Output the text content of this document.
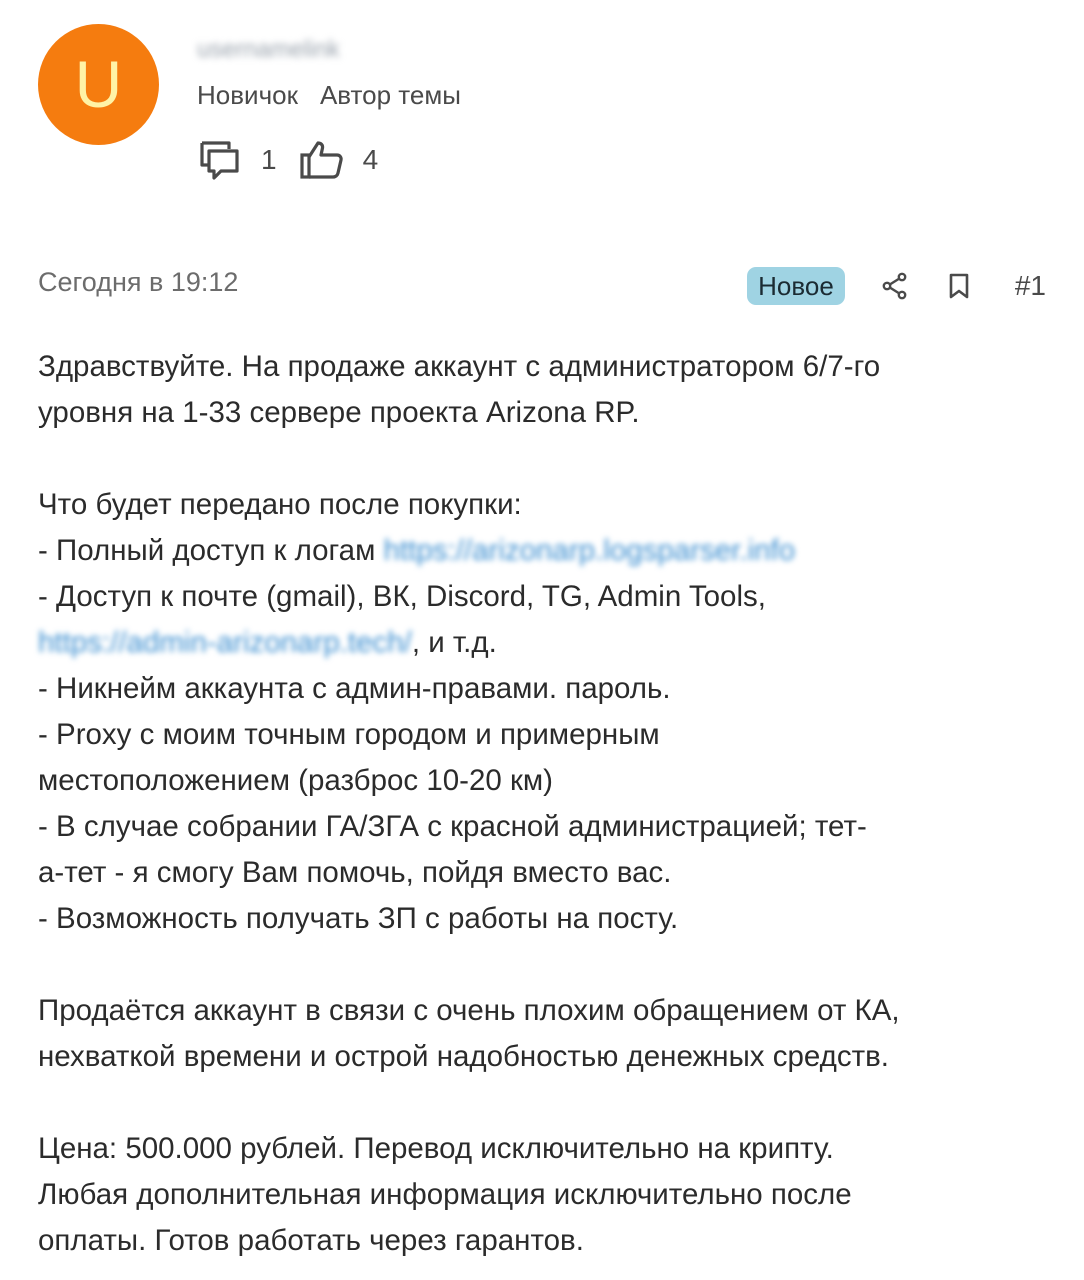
U	usernamelink
Новичок Автор темы
1	4
Сегодня в 19:12	Новое	#1

Здравствуйте. На продаже аккаунт с администратором 6/7-го

уровня на 1-33 сервере проекта Arizona RP.

Что будет передано после покупки:

- Полный доступ к логам https://arizonarp.logsparser.info

- Доступ к почте (gmail), ВК, Discord, TG, Admin Tools,

https://admin-arizonarp.tech/, и т.д.

- Никнейм аккаунта с админ-правами. пароль.

- Proxy с моим точным городом и примерным

местоположением (разброс 10-20 км)

- В случае собрании ГА/ЗГА с красной администрацией; тет-

а-тет - я смогу Вам помочь, пойдя вместо вас.

- Возможность получать ЗП с работы на посту.

Продаётся аккаунт в связи с очень плохим обращением от КА,

нехваткой времени и острой надобностью денежных средств.

Цена: 500.000 рублей. Перевод исключительно на крипту.

Любая дополнительная информация исключительно после

оплаты. Готов работать через гарантов.
